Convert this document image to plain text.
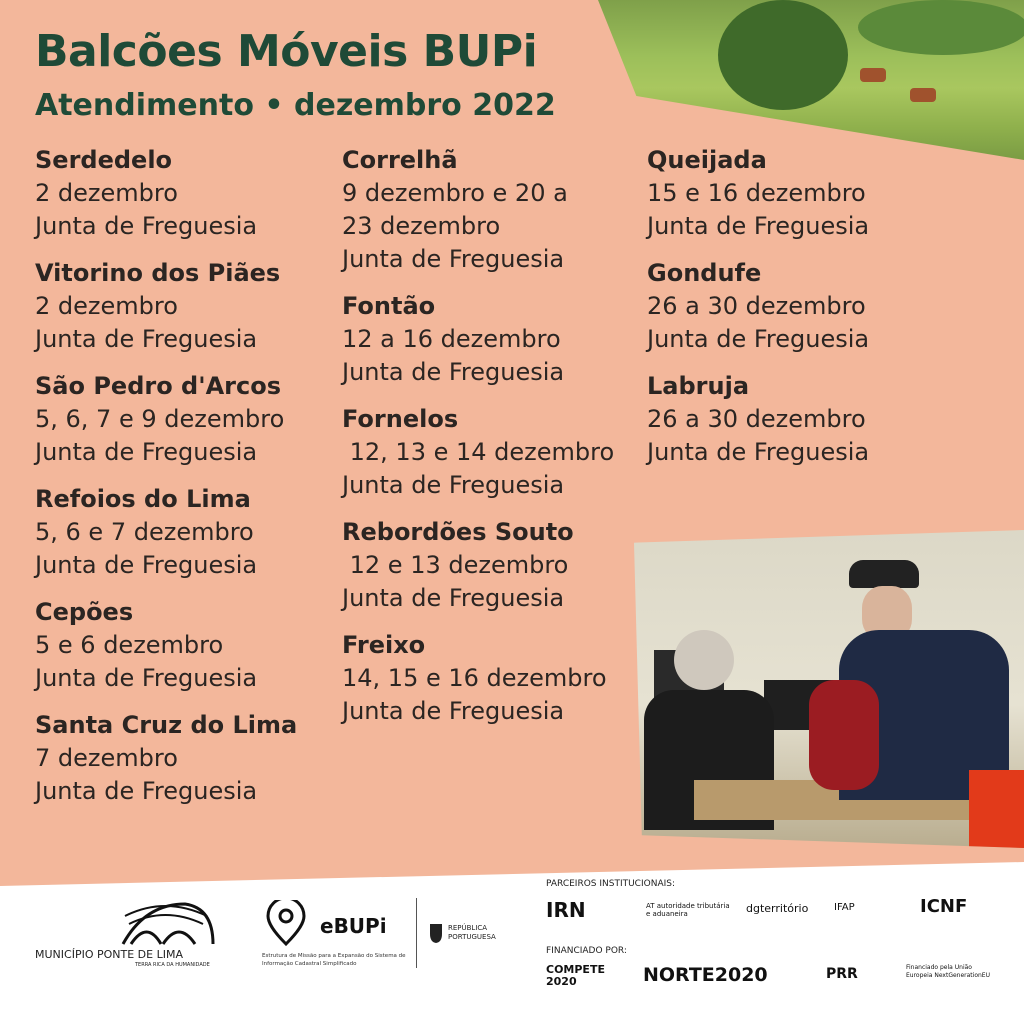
Balcões Móveis BUPi
Atendimento • dezembro 2022
Serdedelo
2 dezembro
Junta de Freguesia
Vitorino dos Piães
2 dezembro
Junta de Freguesia
São Pedro d'Arcos
5, 6, 7 e 9 dezembro
Junta de Freguesia
Refoios do Lima
5, 6 e 7 dezembro
Junta de Freguesia
Cepões
5 e 6 dezembro
Junta de Freguesia
Santa Cruz do Lima
7 dezembro
Junta de Freguesia
Correlhã
9 dezembro e 20 a
23 dezembro
Junta de Freguesia
Fontão
12 a 16 dezembro
Junta de Freguesia
Fornelos
12, 13 e 14 dezembro
Junta de Freguesia
Rebordões Souto
12 e 13 dezembro
Junta de Freguesia
Freixo
14, 15 e 16 dezembro
Junta de Freguesia
Queijada
15 e 16 dezembro
Junta de Freguesia
Gondufe
26 a 30 dezembro
Junta de Freguesia
Labruja
26 a 30 dezembro
Junta de Freguesia
MUNICÍPIO PONTE DE LIMA
TERRA RICA DA HUMANIDADE
eBUPi
Estrutura de Missão para a Expansão do Sistema de Informação Cadastral Simplificado
REPÚBLICA PORTUGUESA
PARCEIROS INSTITUCIONAIS:
IRN	AT autoridade tributária e aduaneira	dgterritório	IFAP	ICNF
FINANCIADO POR:
COMPETE 2020	NORTE2020	PRR	Financiado pela União Europeia NextGenerationEU
